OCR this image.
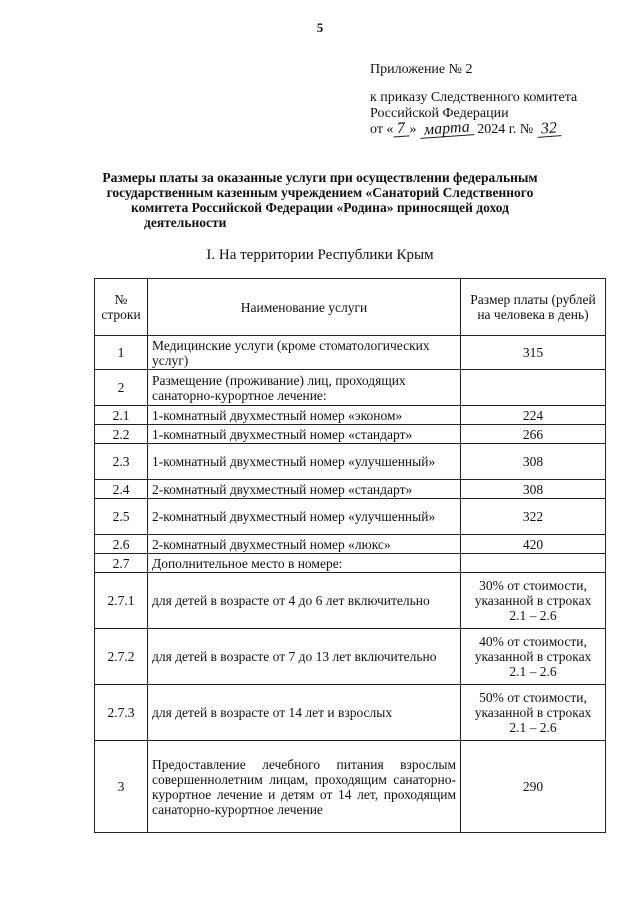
5
Приложение № 2
к приказу Следственного комитета
Российской Федерации
от « 7 » марта 2024 г. № 32
Размеры платы за оказанные услуги при осуществлении федеральным
государственным казенным учреждением «Санаторий Следственного
комитета Российской Федерации «Родина» приносящей доход
деятельности
I. На территории Республики Крым
№ строки	Наименование услуги	Размер платы (рублей на человека в день)
1	Медицинские услуги (кроме стоматологических услуг)	315
2	Размещение (проживание) лиц, проходящих санаторно-курортное лечение:	
2.1	1-комнатный двухместный номер «эконом»	224
2.2	1-комнатный двухместный номер «стандарт»	266
2.3	1-комнатный двухместный номер «улучшенный»	308
2.4	2-комнатный двухместный номер «стандарт»	308
2.5	2-комнатный двухместный номер «улучшенный»	322
2.6	2-комнатный двухместный номер «люкс»	420
2.7	Дополнительное место в номере:	
2.7.1	для детей в возрасте от 4 до 6 лет включительно	30% от стоимости, указанной в строках 2.1 – 2.6
2.7.2	для детей в возрасте от 7 до 13 лет включительно	40% от стоимости, указанной в строках 2.1 – 2.6
2.7.3	для детей в возрасте от 14 лет и взрослых	50% от стоимости, указанной в строках 2.1 – 2.6
3	Предоставление лечебного питания взрослым совершеннолетним лицам, проходящим санаторно-курортное лечение и детям от 14 лет, проходящим санаторно-курортное лечение	290
